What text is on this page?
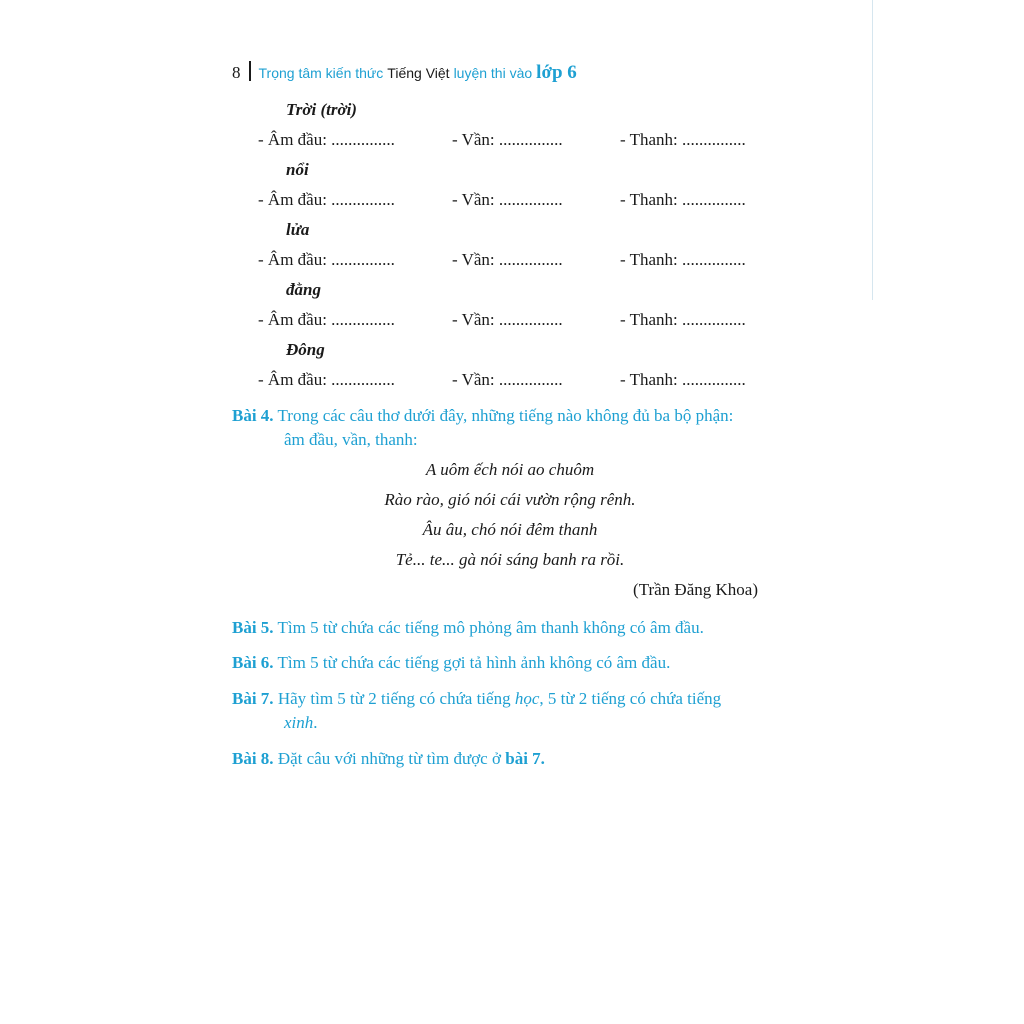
8 Trọng tâm kiến thức
Tiếng Việt
luyện thi vào lớp 6
Trời (trời)
- Âm đầu: ...............	- Vần: ...............	- Thanh: ...............
nổi
- Âm đầu: ...............	- Vần: ...............	- Thanh: ...............
lửa
- Âm đầu: ...............	- Vần: ...............	- Thanh: ...............
đằng
- Âm đầu: ...............	- Vần: ...............	- Thanh: ...............
Đông
- Âm đầu: ...............	- Vần: ...............	- Thanh: ...............
Bài 4. Trong các câu thơ dưới đây, những tiếng nào không đủ ba bộ phận:
âm đầu, vần, thanh:
A uôm ếch nói ao chuôm
Rào rào, gió nói cái vườn rộng rênh.
Âu âu, chó nói đêm thanh
Tẻ... te... gà nói sáng banh ra rồi.
(Trần Đăng Khoa)
Bài 5. Tìm 5 từ chứa các tiếng mô phỏng âm thanh không có âm đầu.
Bài 6. Tìm 5 từ chứa các tiếng gợi tả hình ảnh không có âm đầu.
Bài 7. Hãy tìm 5 từ 2 tiếng có chứa tiếng học, 5 từ 2 tiếng có chứa tiếng
xinh.
Bài 8. Đặt câu với những từ tìm được ở bài 7.
